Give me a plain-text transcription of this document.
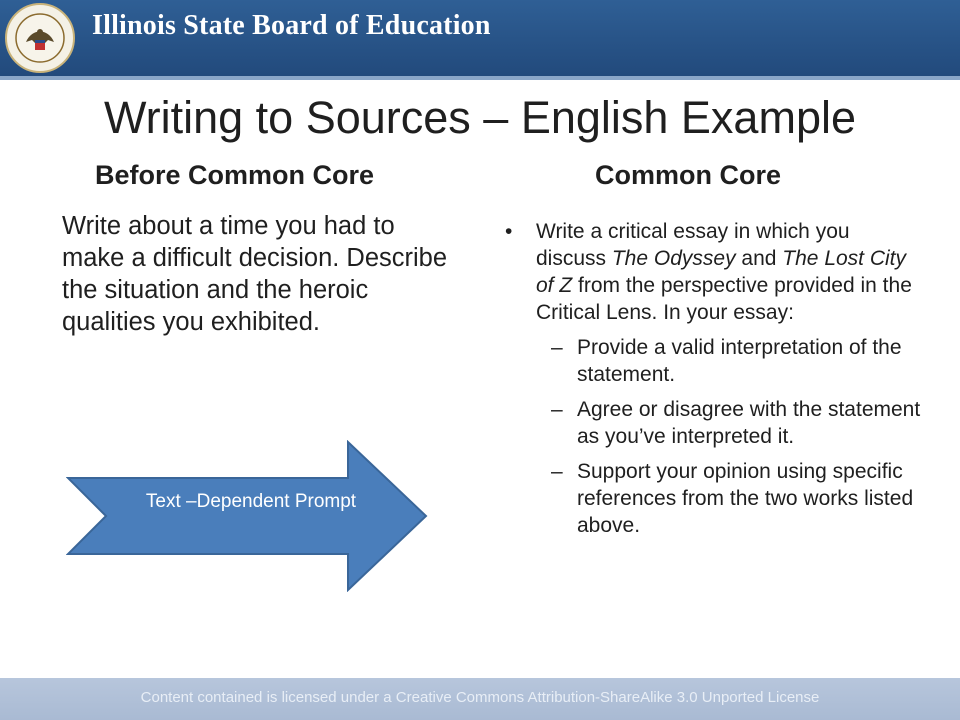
Illinois State Board of Education
Writing to Sources – English Example
Before Common Core	Common Core
Write about a time you had to make a difficult decision. Describe the situation and the heroic qualities you exhibited.
• Write a critical essay in which you discuss The Odyssey and The Lost City of Z from the perspective provided in the Critical Lens. In your essay:
– Provide a valid interpretation of the statement.
– Agree or disagree with the statement as you’ve interpreted it.
– Support your opinion using specific references from the two works listed above.
Text –Dependent Prompt
Content contained is licensed under a Creative Commons Attribution-ShareAlike 3.0 Unported License
